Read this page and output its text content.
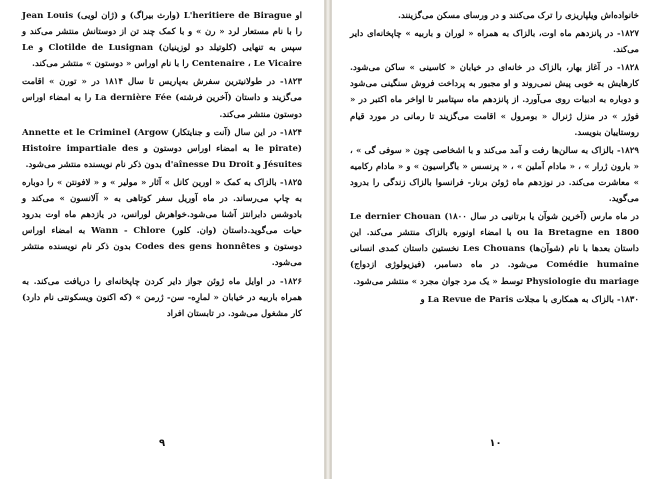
او L'heritiere de Birague (وارث بیراگ) و (ژان لویی) Jean Louis را با نام مستعار لرد « رن » و با کمک چند تن از دوستانش منتشر می‌کند و سپس به تنهایی (کلوتیلد دو لوزینیان) Clotilde de Lusignan و Le Centenaire ، Le Vicaire را با نام اوراس « دوستون » منتشر می‌کند.

۱۸۲۳- در طولانیترین سفرش به‌پاریس تا سال ۱۸۱۴ در « تورن » اقامت می‌گزیند و داستان (آخرین فرشته) La dernière Fée را به امضاء اوراس دوستون منتشر می‌کند.

۱۸۲۴- در این سال (آنت و جنایتکار) Annette et le Criminel (Argow le pirate) به امضاء اوراس دوستون و Histoire impartiale des Jésuites و d'aînesse Du Droit بدون ذکر نام نویسنده منتشر می‌شود.

۱۸۲۵- بالزاک به کمک « اورین کانل » آثار « مولیر » و « لافونتن » را دوباره به چاپ می‌رساند. در ماه آوریل سفر کوتاهی به « آلانسون » می‌کند و بادوشس دابرانتز آشنا می‌شود.خواهرش لورانس، در یازدهم ماه اوت بدرود حیات می‌گوید.داستان (وان. کلور) Wann - Chlore به امضاء اوراس دوستون و Codes des gens honnêtes بدون ذکر نام نویسنده منتشر می‌شود.

۱۸۲۶- در اوایل ماه ژوئن جواز دایر کردن چاپخانه‌ای را دریافت می‌کند. به همراه باربیه در خیابان « لمارِه- سن- ژرمن » (که اکنون ویسکونتی نام دارد) کار مشغول می‌شود. در تابستان افراد

٩

خانواده‌اش ویلپاریزی را ترک می‌کنند و در ورسای مسکن می‌گزینند.

۱۸۲۷- در پانزدهم ماه اوت، بالزاک به همراه « لوران و باربیه » چاپخانه‌ای دایر می‌کند.

۱۸۲۸- در آغاز بهار، بالزاک در خانه‌ای در خیابان « کاسینی » ساکن می‌شود. کارهایش به خوبی پیش نمی‌روند و او مجبور به پرداخت فروش سنگینی می‌شود و دوباره به ادبیات روی می‌آورد. از پانزدهم ماه سپتامبر تا اواخر ماه اکتبر در « فوژر » در منزل ژنرال « بومرول » اقامت می‌گزیند تا رمانی در مورد قیام روستاییان بنویسد.

۱۸۲۹- بالزاک به سالن‌ها رفت و آمد می‌کند و با اشخاصی چون « سوفی گی » ، « بارون ژرار » ، « مادام آملین » ، « پرنسس « باگراسیون » و « مادام رکامیه » معاشرت می‌کند. در نوزدهم ماه ژوئن برنار- فرانسوا بالزاک زندگی را بدرود می‌گوید.

در ماه مارس (آخرین شوآن یا برتانیی در سال ۱۸۰۰) Le dernier Chouan ou la Bretagne en 1800 با امضاء اونوره بالزاک منتشر می‌کند. این داستان بعدها با نام (شوآن‌ها) Les Chouans نخستین داستان کمدی انسانی Comédie humaine می‌شود. در ماه دسامبر، (فیزیولوژی ازدواج) Physiologie du mariage توسط « یک مرد جوان مجرد » منتشر می‌شود.

۱۸۳۰- بالزاک به همکاری با مجلات La Revue de Paris و

١٠
